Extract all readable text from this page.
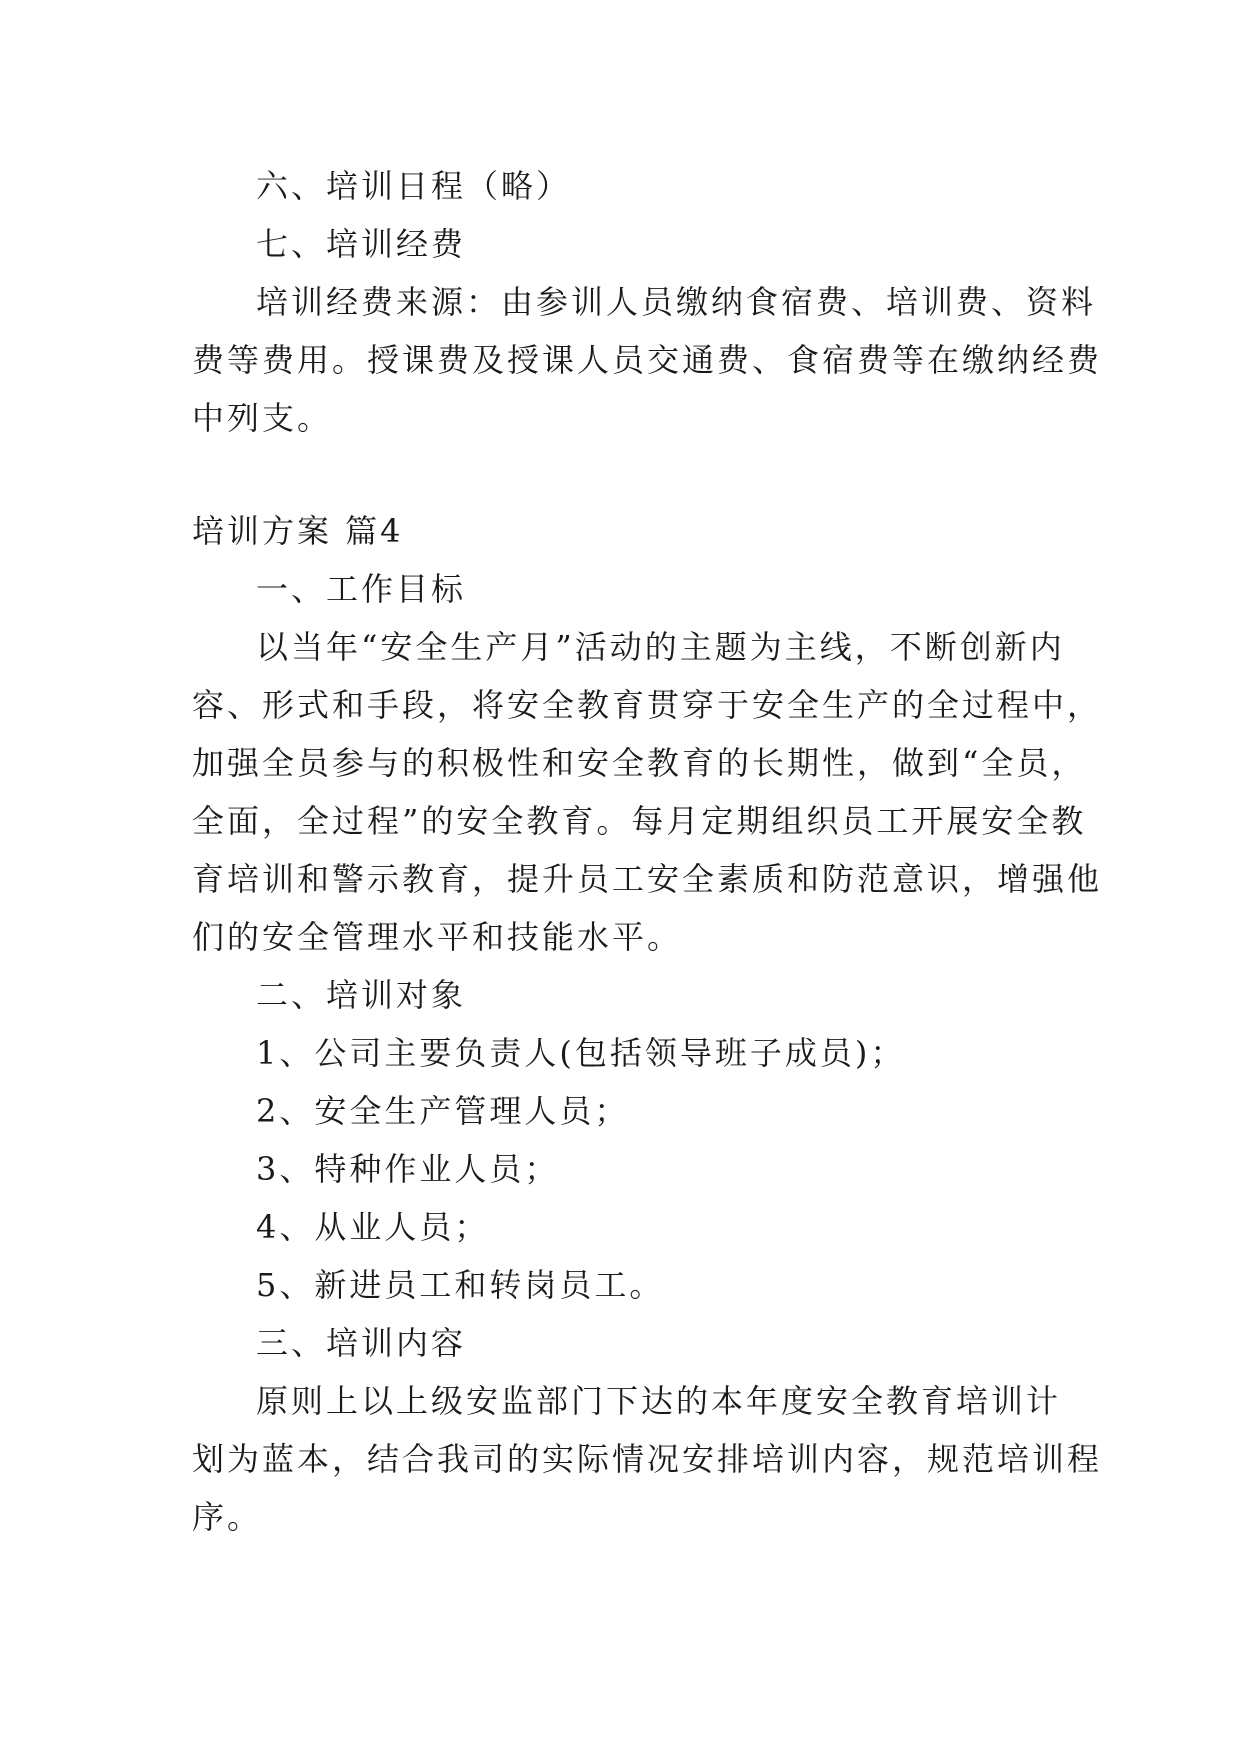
六、培训日程（略）
七、培训经费
培训经费来源：由参训人员缴纳食宿费、培训费、资料
费等费用。授课费及授课人员交通费、食宿费等在缴纳经费
中列支。
培训方案 篇4
一、工作目标
以当年“安全生产月”活动的主题为主线，不断创新内
容、形式和手段，将安全教育贯穿于安全生产的全过程中，
加强全员参与的积极性和安全教育的长期性，做到“全员，
全面，全过程”的安全教育。每月定期组织员工开展安全教
育培训和警示教育，提升员工安全素质和防范意识，增强他
们的安全管理水平和技能水平。
二、培训对象
1、公司主要负责人(包括领导班子成员)；
2、安全生产管理人员；
3、特种作业人员；
4、从业人员；
5、新进员工和转岗员工。
三、培训内容
原则上以上级安监部门下达的本年度安全教育培训计
划为蓝本，结合我司的实际情况安排培训内容，规范培训程
序。
